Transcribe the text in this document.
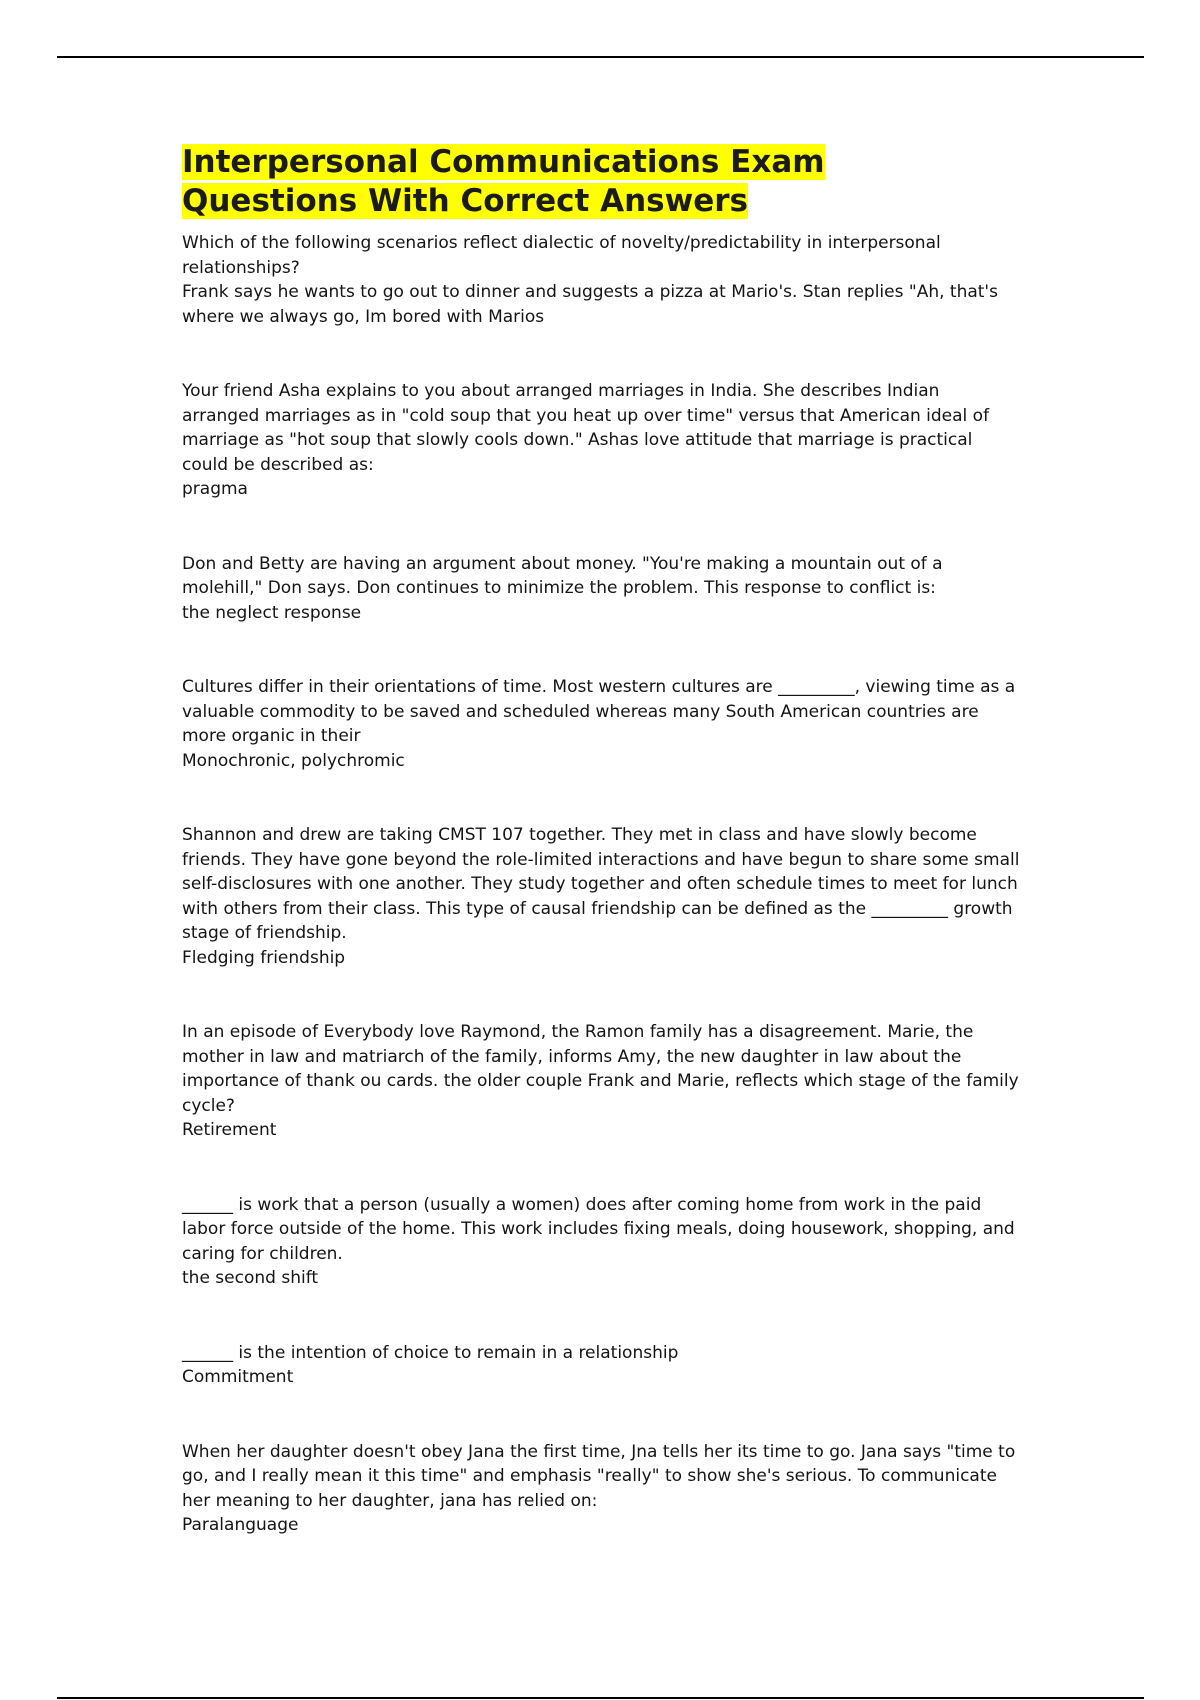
Interpersonal Communications Exam
Questions With Correct Answers

Which of the following scenarios reflect dialectic of novelty/predictability in interpersonal relationships?

Frank says he wants to go out to dinner and suggests a pizza at Mario's. Stan replies "Ah, that's where we always go, Im bored with Marios

Your friend Asha explains to you about arranged marriages in India. She describes Indian arranged marriages as in "cold soup that you heat up over time" versus that American ideal of marriage as "hot soup that slowly cools down." Ashas love attitude that marriage is practical could be described as:

pragma

Don and Betty are having an argument about money. "You're making a mountain out of a molehill," Don says. Don continues to minimize the problem. This response to conflict is:

the neglect response

Cultures differ in their orientations of time. Most western cultures are _________, viewing time as a valuable commodity to be saved and scheduled whereas many South American countries are more organic in their

Monochronic, polychromic

Shannon and drew are taking CMST 107 together. They met in class and have slowly become friends. They have gone beyond the role-limited interactions and have begun to share some small self-disclosures with one another. They study together and often schedule times to meet for lunch with others from their class. This type of causal friendship can be defined as the _________ growth stage of friendship.

Fledging friendship

In an episode of Everybody love Raymond, the Ramon family has a disagreement. Marie, the mother in law and matriarch of the family, informs Amy, the new daughter in law about the importance of thank ou cards. the older couple Frank and Marie, reflects which stage of the family cycle?

Retirement

______ is work that a person (usually a women) does after coming home from work in the paid labor force outside of the home. This work includes fixing meals, doing housework, shopping, and caring for children.

the second shift

______ is the intention of choice to remain in a relationship

Commitment

When her daughter doesn't obey Jana the first time, Jna tells her its time to go. Jana says "time to go, and I really mean it this time" and emphasis "really" to show she's serious. To communicate her meaning to her daughter, jana has relied on:

Paralanguage
